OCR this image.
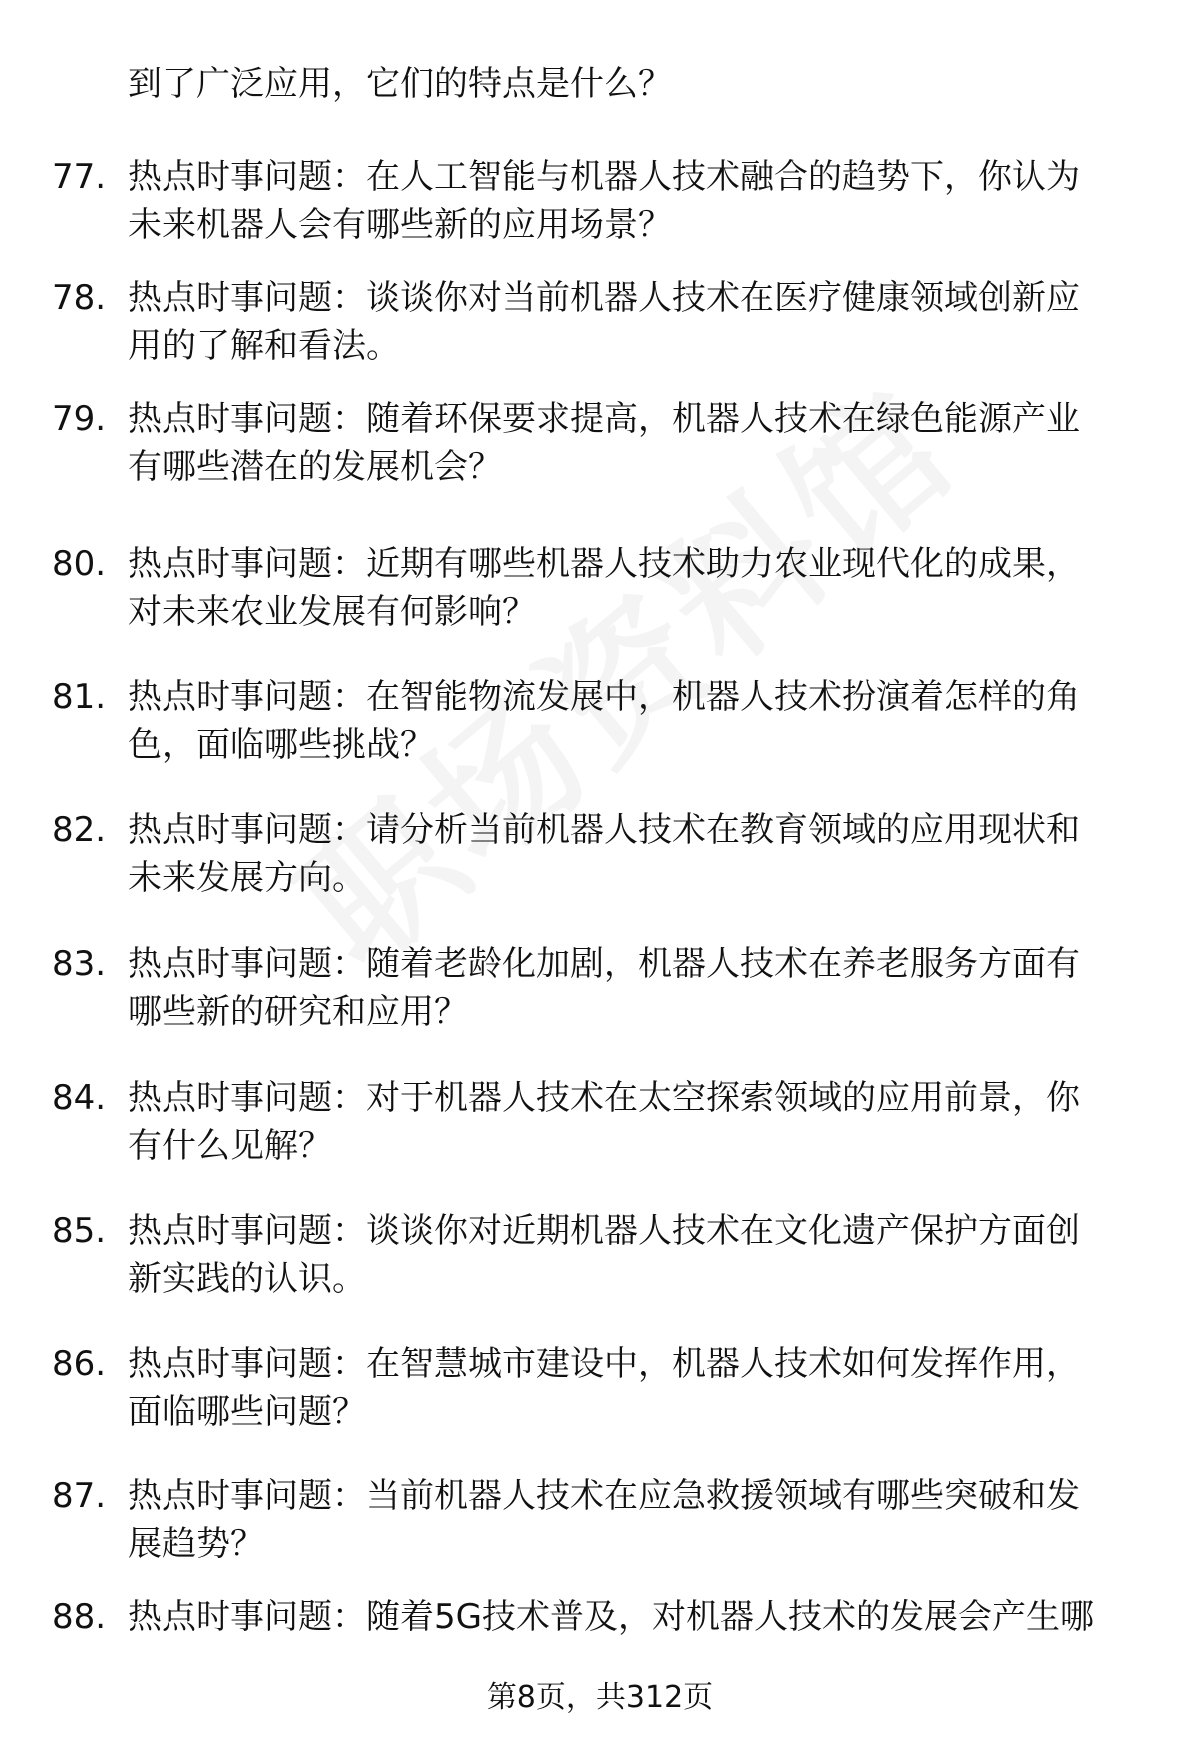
到了广泛应用，它们的特点是什么？

77. 热点时事问题：在人工智能与机器人技术融合的趋势下，你认为
未来机器人会有哪些新的应用场景？
78. 热点时事问题：谈谈你对当前机器人技术在医疗健康领域创新应
用的了解和看法。
79. 热点时事问题：随着环保要求提高，机器人技术在绿色能源产业
有哪些潜在的发展机会？
80. 热点时事问题：近期有哪些机器人技术助力农业现代化的成果，
对未来农业发展有何影响？
81. 热点时事问题：在智能物流发展中，机器人技术扮演着怎样的角
色，面临哪些挑战？
82. 热点时事问题：请分析当前机器人技术在教育领域的应用现状和
未来发展方向。
83. 热点时事问题：随着老龄化加剧，机器人技术在养老服务方面有
哪些新的研究和应用？
84. 热点时事问题：对于机器人技术在太空探索领域的应用前景，你
有什么见解？
85. 热点时事问题：谈谈你对近期机器人技术在文化遗产保护方面创
新实践的认识。
86. 热点时事问题：在智慧城市建设中，机器人技术如何发挥作用，
面临哪些问题？
87. 热点时事问题：当前机器人技术在应急救援领域有哪些突破和发
展趋势？
88. 热点时事问题：随着5G技术普及，对机器人技术的发展会产生哪
第8页，共312页
